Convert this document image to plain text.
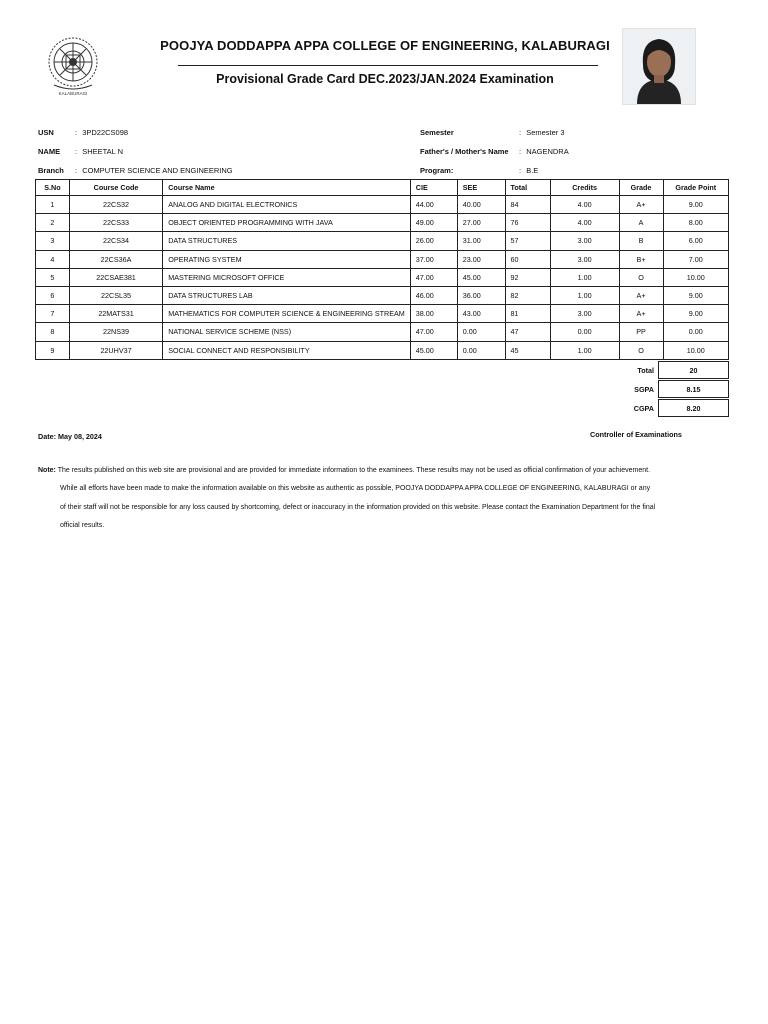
KALABURAGI
POOJYA DODDAPPA APPA COLLEGE OF ENGINEERING, KALABURAGI
Provisional Grade Card DEC.2023/JAN.2024 Examination
USN	: 3PD22CS098
NAME : SHEETAL N
Branch : COMPUTER SCIENCE AND ENGINEERING
Semester	: Semester 3
Father's / Mother's Name : NAGENDRA
Program:	: B.E
S.No	Course Code	Course Name	CIE	SEE	Total	Credits	Grade	Grade Point
1	22CS32	ANALOG AND DIGITAL ELECTRONICS	44.00	40.00	84	4.00	A+	9.00
2	22CS33	OBJECT ORIENTED PROGRAMMING WITH JAVA	49.00	27.00	76	4.00	A	8.00
3	22CS34	DATA STRUCTURES	26.00	31.00	57	3.00	B	6.00
4	22CS36A	OPERATING SYSTEM	37.00	23.00	60	3.00	B+	7.00
5	22CSAE381	MASTERING MICROSOFT OFFICE	47.00	45.00	92	1.00	O	10.00
6	22CSL35	DATA STRUCTURES LAB	46.00	36.00	82	1.00	A+	9.00
7	22MATS31	MATHEMATICS FOR COMPUTER SCIENCE & ENGINEERING STREAM	38.00	43.00	81	3.00	A+	9.00
8	22NS39	NATIONAL SERVICE SCHEME (NSS)	47.00	0.00	47	0.00	PP	0.00
9	22UHV37	SOCIAL CONNECT AND RESPONSIBILITY	45.00	0.00	45	1.00	O	10.00
Total	20
SGPA	8.15
CGPA	8.20
Date: May 08, 2024	Controller of Examinations
Note: The results published on this web site are provisional and are provided for immediate information to the examinees. These results may not be used as official confirmation of your achievement.
While all efforts have been made to make the information available on this website as authentic as possible, POOJYA DODDAPPA APPA COLLEGE OF ENGINEERING, KALABURAGI or any
of their staff will not be responsible for any loss caused by shortcoming, defect or inaccuracy in the information provided on this website. Please contact the Examination Department for the final
official results.
